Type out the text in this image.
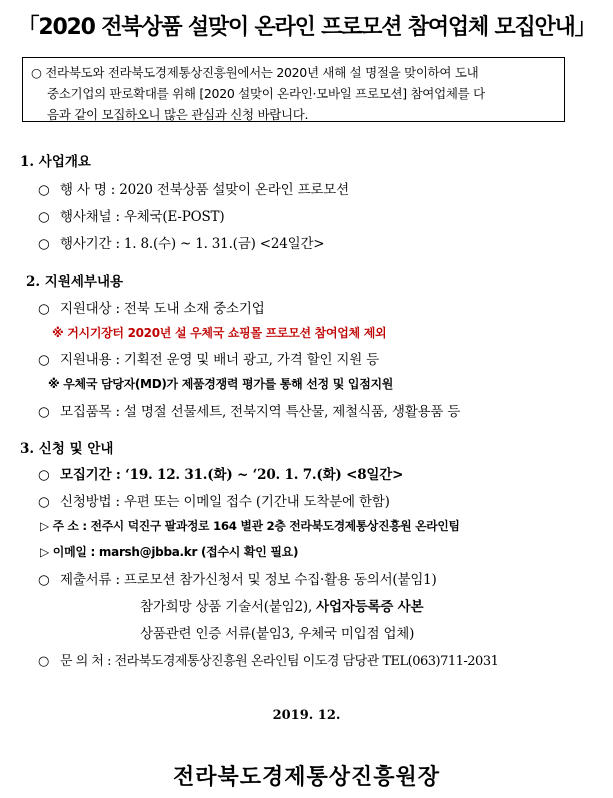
「2020 전북상품 설맞이 온라인 프로모션 참여업체 모집안내」
○ 전라북도와 전라북도경제통상진흥원에서는 2020년 새해 설 명절을 맞이하여 도내
중소기업의 판로확대를 위해 [2020 설맞이 온라인·모바일 프로모션] 참여업체를 다
음과 같이 모집하오니 많은 관심과 신청 바랍니다.
1. 사업개요
○ 행 사 명 : 2020 전북상품 설맞이 온라인 프로모션
○ 행사채널 : 우체국(E-POST)
○ 행사기간 : 1. 8.(수) ~ 1. 31.(금) <24일간>
2. 지원세부내용
○ 지원대상 : 전북 도내 소재 중소기업
※ 거시기장터 2020년 설 우체국 쇼핑몰 프로모션 참여업체 제외
○ 지원내용 : 기획전 운영 및 배너 광고, 가격 할인 지원 등
※ 우체국 담당자(MD)가 제품경쟁력 평가를 통해 선정 및 입점지원
○ 모집품목 : 설 명절 선물세트, 전북지역 특산물, 제철식품, 생활용품 등
3. 신청 및 안내
○ 모집기간 : ‘19. 12. 31.(화) ~ ‘20. 1. 7.(화) <8일간>
○ 신청방법 : 우편 또는 이메일 접수 (기간내 도착분에 한함)
▷ 주 소 : 전주시 덕진구 팔과정로 164 별관 2층 전라북도경제통상진흥원 온라인팀
▷ 이메일 : marsh@jbba.kr (접수시 확인 필요)
○ 제출서류 : 프로모션 참가신청서 및 정보 수집·활용 동의서(붙임1)
참가희망 상품 기술서(붙임2), 사업자등록증 사본
상품관련 인증 서류(붙임3, 우체국 미입점 업체)
○ 문 의 처 : 전라북도경제통상진흥원 온라인팀 이도경 담당관 TEL(063)711-2031
2019. 12.
전라북도경제통상진흥원장
